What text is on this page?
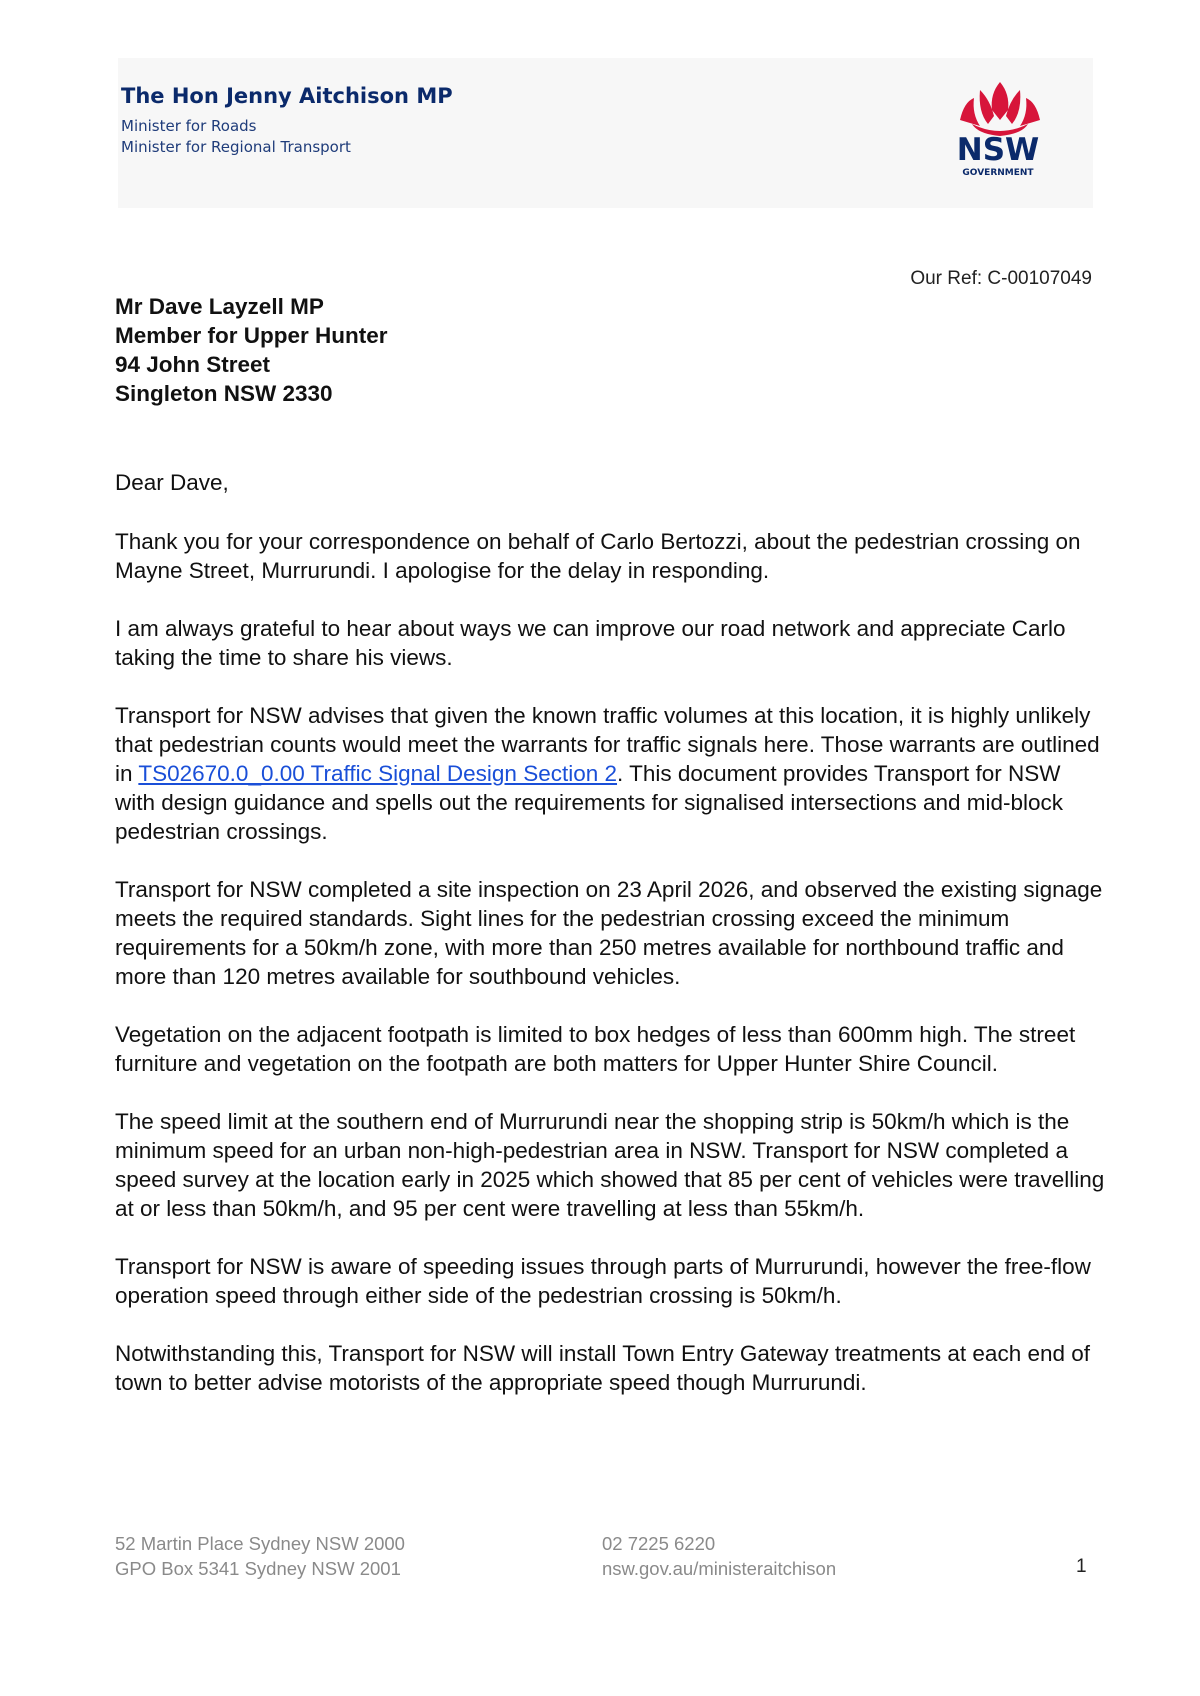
The Hon Jenny Aitchison MP
Minister for Roads
Minister for Regional Transport	NSW
GOVERNMENT
Our Ref: C-00107049
Mr Dave Layzell MP
Member for Upper Hunter
94 John Street
Singleton NSW 2330
Dear Dave,

Thank you for your correspondence on behalf of Carlo Bertozzi, about the pedestrian crossing on Mayne Street, Murrurundi. I apologise for the delay in responding.

I am always grateful to hear about ways we can improve our road network and appreciate Carlo taking the time to share his views.

Transport for NSW advises that given the known traffic volumes at this location, it is highly unlikely that pedestrian counts would meet the warrants for traffic signals here. Those warrants are outlined in TS02670.0_0.00 Traffic Signal Design Section 2. This document provides Transport for NSW with design guidance and spells out the requirements for signalised intersections and mid-block pedestrian crossings.

Transport for NSW completed a site inspection on 23 April 2026, and observed the existing signage meets the required standards. Sight lines for the pedestrian crossing exceed the minimum requirements for a 50km/h zone, with more than 250 metres available for northbound traffic and more than 120 metres available for southbound vehicles.

Vegetation on the adjacent footpath is limited to box hedges of less than 600mm high. The street furniture and vegetation on the footpath are both matters for Upper Hunter Shire Council.

The speed limit at the southern end of Murrurundi near the shopping strip is 50km/h which is the minimum speed for an urban non-high-pedestrian area in NSW. Transport for NSW completed a speed survey at the location early in 2025 which showed that 85 per cent of vehicles were travelling at or less than 50km/h, and 95 per cent were travelling at less than 55km/h.

Transport for NSW is aware of speeding issues through parts of Murrurundi, however the free-flow operation speed through either side of the pedestrian crossing is 50km/h.

Notwithstanding this, Transport for NSW will install Town Entry Gateway treatments at each end of town to better advise motorists of the appropriate speed though Murrurundi.

52 Martin Place Sydney NSW 2000
GPO Box 5341 Sydney NSW 2001
02 7225 6220
nsw.gov.au/ministeraitchison	1
